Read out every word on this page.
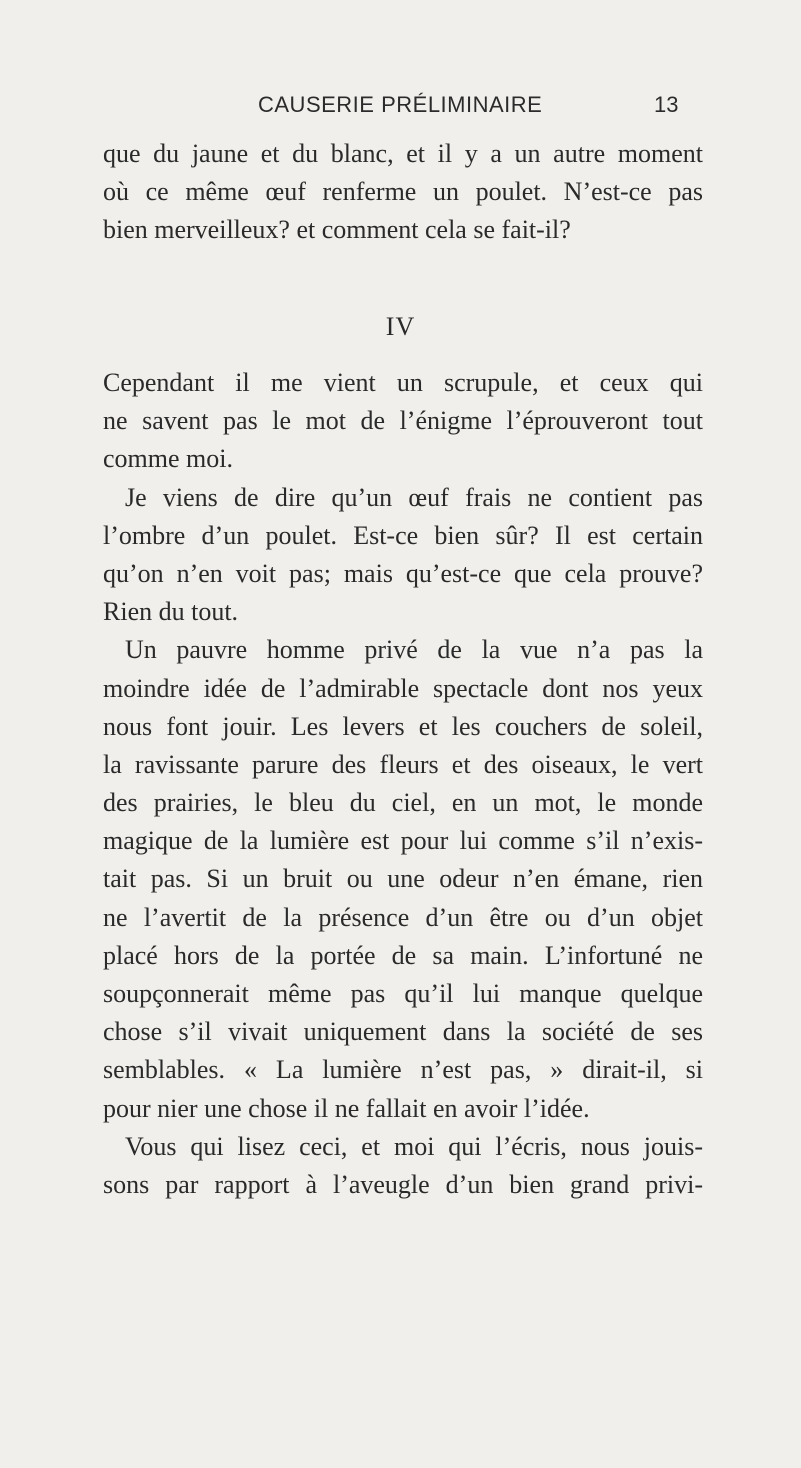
CAUSERIE PRÉLIMINAIRE	13
que du jaune et du blanc, et il y a un autre moment
où ce même œuf renferme un poulet. N’est-ce pas
bien merveilleux? et comment cela se fait-il?
IV
Cependant il me vient un scrupule, et ceux qui
ne savent pas le mot de l’énigme l’éprouveront tout
comme moi.
Je viens de dire qu’un œuf frais ne contient pas
l’ombre d’un poulet. Est-ce bien sûr? Il est certain
qu’on n’en voit pas; mais qu’est-ce que cela prouve?
Rien du tout.
Un pauvre homme privé de la vue n’a pas la
moindre idée de l’admirable spectacle dont nos yeux
nous font jouir. Les levers et les couchers de soleil,
la ravissante parure des fleurs et des oiseaux, le vert
des prairies, le bleu du ciel, en un mot, le monde
magique de la lumière est pour lui comme s’il n’exis-
tait pas. Si un bruit ou une odeur n’en émane, rien
ne l’avertit de la présence d’un être ou d’un objet
placé hors de la portée de sa main. L’infortuné ne
soupçonnerait même pas qu’il lui manque quelque
chose s’il vivait uniquement dans la société de ses
semblables. « La lumière n’est pas, » dirait-il, si
pour nier une chose il ne fallait en avoir l’idée.
Vous qui lisez ceci, et moi qui l’écris, nous jouis-
sons par rapport à l’aveugle d’un bien grand privi-
